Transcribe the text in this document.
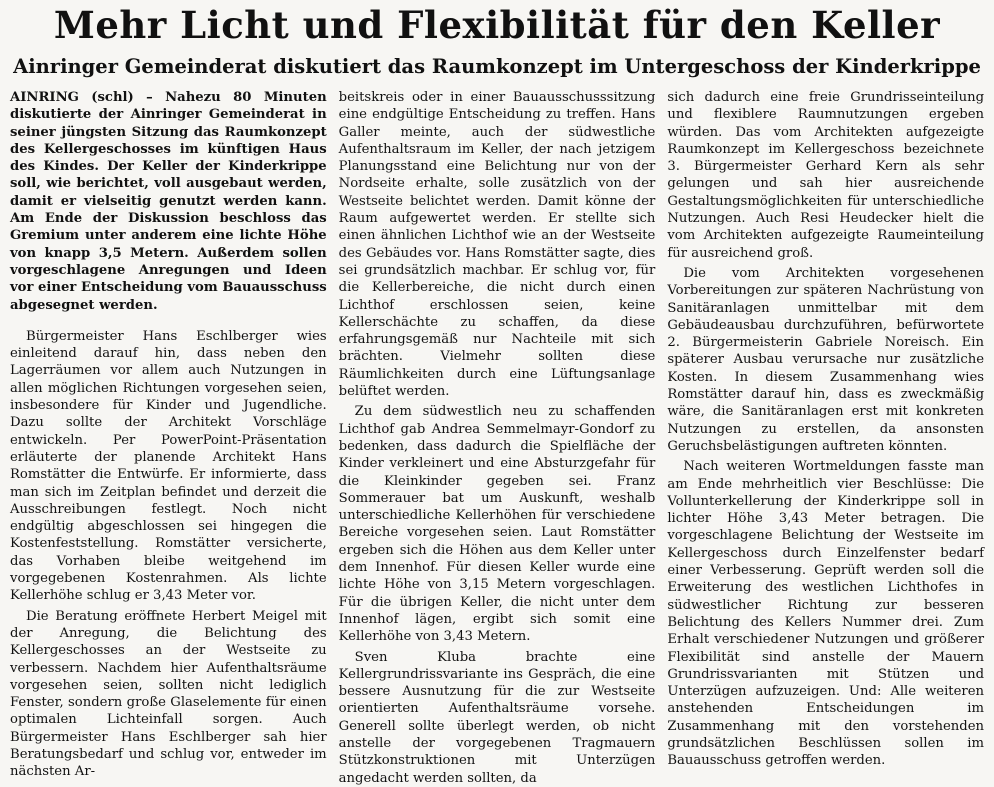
Mehr Licht und Flexibilität für den Keller
Ainringer Gemeinderat diskutiert das Raumkonzept im Untergeschoss der Kinderkrippe

AINRING (schl) – Nahezu 80 Minuten diskutierte der Ainringer Gemeinderat in seiner jüngsten Sitzung das Raumkonzept des Kellergeschosses im künftigen Haus des Kindes. Der Keller der Kinderkrippe soll, wie berichtet, voll ausgebaut werden, damit er vielseitig genutzt werden kann. Am Ende der Diskussion beschloss das Gremium unter anderem eine lichte Höhe von knapp 3,5 Metern. Außerdem sollen vorgeschlagene Anregungen und Ideen vor einer Entscheidung vom Bauausschuss abgesegnet werden.

Bürgermeister Hans Eschlberger wies einleitend darauf hin, dass neben den Lagerräumen vor allem auch Nutzungen in allen möglichen Richtungen vorgesehen seien, insbesondere für Kinder und Jugendliche. Dazu sollte der Architekt Vorschläge entwickeln. Per PowerPoint-Präsentation erläuterte der planende Architekt Hans Romstätter die Entwürfe. Er informierte, dass man sich im Zeitplan befindet und derzeit die Ausschreibungen festlegt. Noch nicht endgültig abgeschlossen sei hingegen die Kostenfeststellung. Romstätter versicherte, das Vorhaben bleibe weitgehend im vorgegebenen Kostenrahmen. Als lichte Kellerhöhe schlug er 3,43 Meter vor.

Die Beratung eröffnete Herbert Meigel mit der Anregung, die Belichtung des Kellergeschosses an der Westseite zu verbessern. Nachdem hier Aufenthaltsräume vorgesehen seien, sollten nicht lediglich Fenster, sondern große Glaselemente für einen optimalen Lichteinfall sorgen. Auch Bürgermeister Hans Eschlberger sah hier Beratungsbedarf und schlug vor, entweder im nächsten Ar-

beitskreis oder in einer Bauausschusssitzung eine endgültige Entscheidung zu treffen. Hans Galler meinte, auch der südwestliche Aufenthaltsraum im Keller, der nach jetzigem Planungsstand eine Belichtung nur von der Nordseite erhalte, solle zusätzlich von der Westseite belichtet werden. Damit könne der Raum aufgewertet werden. Er stellte sich einen ähnlichen Lichthof wie an der Westseite des Gebäudes vor. Hans Romstätter sagte, dies sei grundsätzlich machbar. Er schlug vor, für die Kellerbereiche, die nicht durch einen Lichthof erschlossen seien, keine Kellerschächte zu schaffen, da diese erfahrungsgemäß nur Nachteile mit sich brächten. Vielmehr sollten diese Räumlichkeiten durch eine Lüftungsanlage belüftet werden.

Zu dem südwestlich neu zu schaffenden Lichthof gab Andrea Semmelmayr-Gondorf zu bedenken, dass dadurch die Spielfläche der Kinder verkleinert und eine Absturzgefahr für die Kleinkinder gegeben sei. Franz Sommerauer bat um Auskunft, weshalb unterschiedliche Kellerhöhen für verschiedene Bereiche vorgesehen seien. Laut Romstätter ergeben sich die Höhen aus dem Keller unter dem Innenhof. Für diesen Keller wurde eine lichte Höhe von 3,15 Metern vorgeschlagen. Für die übrigen Keller, die nicht unter dem Innenhof lägen, ergibt sich somit eine Kellerhöhe von 3,43 Metern.

Sven Kluba brachte eine Kellergrundrissvariante ins Gespräch, die eine bessere Ausnutzung für die zur Westseite orientierten Aufenthaltsräume vorsehe. Generell sollte überlegt werden, ob nicht anstelle der vorgegebenen Tragmauern Stützkonstruktionen mit Unterzügen angedacht werden sollten, da

sich dadurch eine freie Grundrisseinteilung und flexiblere Raumnutzungen ergeben würden. Das vom Architekten aufgezeigte Raumkonzept im Kellergeschoss bezeichnete 3. Bürgermeister Gerhard Kern als sehr gelungen und sah hier ausreichende Gestaltungsmöglichkeiten für unterschiedliche Nutzungen. Auch Resi Heudecker hielt die vom Architekten aufgezeigte Raumeinteilung für ausreichend groß.

Die vom Architekten vorgesehenen Vorbereitungen zur späteren Nachrüstung von Sanitäranlagen unmittelbar mit dem Gebäudeausbau durchzuführen, befürwortete 2. Bürgermeisterin Gabriele Noreisch. Ein späterer Ausbau verursache nur zusätzliche Kosten. In diesem Zusammenhang wies Romstätter darauf hin, dass es zweckmäßig wäre, die Sanitäranlagen erst mit konkreten Nutzungen zu erstellen, da ansonsten Geruchsbelästigungen auftreten könnten.

Nach weiteren Wortmeldungen fasste man am Ende mehrheitlich vier Beschlüsse: Die Vollunterkellerung der Kinderkrippe soll in lichter Höhe 3,43 Meter betragen. Die vorgeschlagene Belichtung der Westseite im Kellergeschoss durch Einzelfenster bedarf einer Verbesserung. Geprüft werden soll die Erweiterung des westlichen Lichthofes in südwestlicher Richtung zur besseren Belichtung des Kellers Nummer drei. Zum Erhalt verschiedener Nutzungen und größerer Flexibilität sind anstelle der Mauern Grundrissvarianten mit Stützen und Unterzügen aufzuzeigen. Und: Alle weiteren anstehenden Entscheidungen im Zusammenhang mit den vorstehenden grundsätzlichen Beschlüssen sollen im Bauausschuss getroffen werden.
